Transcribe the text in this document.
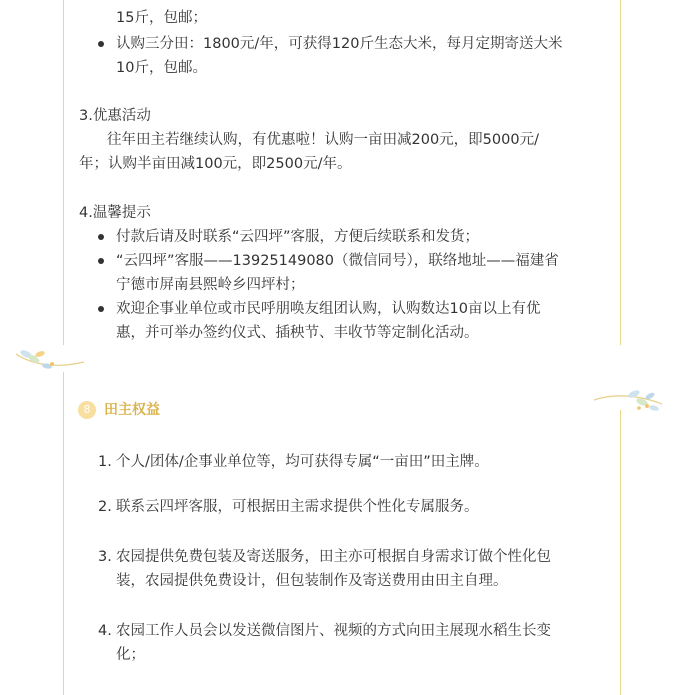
15斤，包邮；
认购三分田：1800元/年，可获得120斤生态大米，每月定期寄送大米
10斤，包邮。
3.优惠活动
往年田主若继续认购，有优惠啦！认购一亩田减200元，即5000元/
年；认购半亩田减100元，即2500元/年。
4.温馨提示
付款后请及时联系“云四坪”客服，方便后续联系和发货；
“云四坪”客服——13925149080（微信同号），联络地址——福建省
宁德市屏南县熙岭乡四坪村；
欢迎企事业单位或市民呼朋唤友组团认购，认购数达10亩以上有优
惠，并可举办签约仪式、插秧节、丰收节等定制化活动。
8 田主权益
1. 个人/团体/企事业单位等，均可获得专属“一亩田”田主牌。
2. 联系云四坪客服，可根据田主需求提供个性化专属服务。
3. 农园提供免费包装及寄送服务，田主亦可根据自身需求订做个性化包
装，农园提供免费设计，但包装制作及寄送费用由田主自理。
4. 农园工作人员会以发送微信图片、视频的方式向田主展现水稻生长变
化；
